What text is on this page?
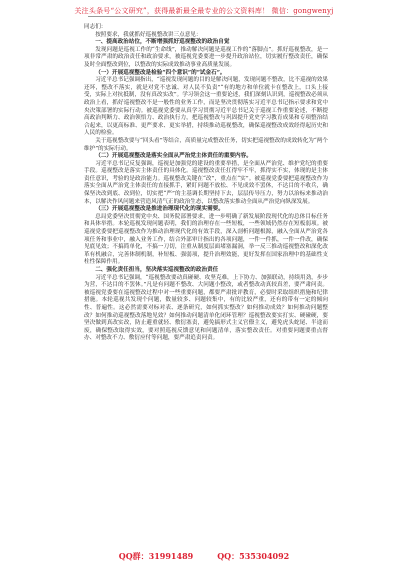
关注头条号“公文研究”，获得最新最全最专业的公文资料库！ 微信：gongwenyj

同志们：

按照要求，我就抓好巡视整改讲三点意见：

一、提高政治站位，不断增强抓好巡视整改的政治自觉

发现问题是巡视工作的“生命线”，推动解决问题是巡视工作的“落脚点”。抓好巡视整改，是一项非常严肃的政治责任和政治要求，被巡视党委要进一步提升政治站位，切实履行整改责任，确保及时全面整改到位，以整改的实际成效推动事业高质量发展。

（一）开展巡视整改是检验“四个意识”的“试金石”。

习近平总书记强调指出，“巡视发现问题的目的是解决问题，发现问题不整改，比不巡视的效果还坏，整改不落实，就是对党不忠诚、对人民不负责”“有的地方和单位就卡在整改上，口头上接受，实际上对抗抵制，没有真改实改”。学习领会这一重要论述，我们深刻认识到，巡视整改必须从政治上看，抓好巡视整改不是一般性的业务工作，而是坚决贯彻落实习近平总书记指示要求和党中央决策部署的实际行动。被巡视党委要从真学习贯彻习近平总书记关于巡视工作重要论述，不断提高政治判断力、政治领悟力、政治执行力，把巡视整改与巩固提升党史学习教育成果和专项整治结合起来，以更高标准、更严要求、更实举措，持续推动巡视整改，确保巡视整改成效经得起历史和人民的检验。

关于巡视整改要与“回头看”等结合，高质量完成整改任务，切实把巡视整改的成效转化为“两个维护”的实际行动。

（二）开展巡视整改是落实全面从严治党主体责任的重要内容。

习近平总书记反复强调，巡视是加强党的建设的重要举措，是全面从严治党、维护党纪的重要手段。巡视整改是落实主体责任的具体化。巡视整改责任扛得牢不牢，抓得实不实，体现的是主体责任意识，考验的是政治能力。巡视整改关键在“改”，重点在“实”。被巡视党委要把巡视整改作为落实全面从严治党主体责任的直接抓手，紧盯问题不放松、不见成效不罢休，不达目的不收兵，确保坚决改到底、改到位，切实把“严”的主基调长期坚持下去，层层传导压力，努力以治标来推动治本，以解决作风问题来营造风清气正的政治生态，以整改落实推动全面从严治党向纵深发展。

（三）开展巡视整改是推进治理现代化的现实需要。

总局党委坚决贯彻党中央、国务院部署要求，进一步明确了新发展阶段现代化的总体目标任务和具体举措。本轮巡视发现问题表明，我们的治理存在一些短板，一些领域仍然存在短板弱项。被巡视党委要把巡视整改作为推动治理现代化的有效手段，深入剖析问题根源，融入全面从严治党各项任务和事业中，融入业务工作，结合外部审计指出的各项问题，一件一件抓，一件一件改，确保见底见效；不搞简单化，不搞一刀切，注重从制度层面堵塞漏洞，举一反三推动巡视整改和深化改革有机融合，完善体制机制，补短板、强弱项，提升治理效能，更好发挥在国家治理中的基础性支柱性保障作用。

二、强化责任担当，坚决落实巡视整改的政治责任

习近平总书记强调，“巡视整改要动真碰硬、攻坚克难，上下协力、加强联动，持续用劲，步步为营，不达目的不罢休。”凡是有问题不整改、大问题小整改，或者整改动真较真差，要严肃问责。被巡视党委要在巡视整改过程中对一些重要问题，都要严肃批评教育，必要时采取组织措施和纪律措施。本轮巡视共发现个问题，数量较多、问题较集中，有的比较严重，还有的带有一定的倾向性、普遍性。这必然需要对标对表、逐条研究，如何抓实整改？如何推动成效？如何推动问题整改？如何推动巡视整改落地见效？如何推动问题清单化闭环管理？巡视整改要实打实、硬碰硬，要坚决做到真改实改，防止避重就轻、敷衍塞责，避免搞形式主义官僚主义，避免虎头蛇尾、半途而废，确保整改取得实效，要对照巡视反馈意见和问题清单，落实整改责任。对重要问题要重点督办、对整改不力、敷衍应付等问题，要严肃追责问责。

QQ群：31991489	QQ：535304092
